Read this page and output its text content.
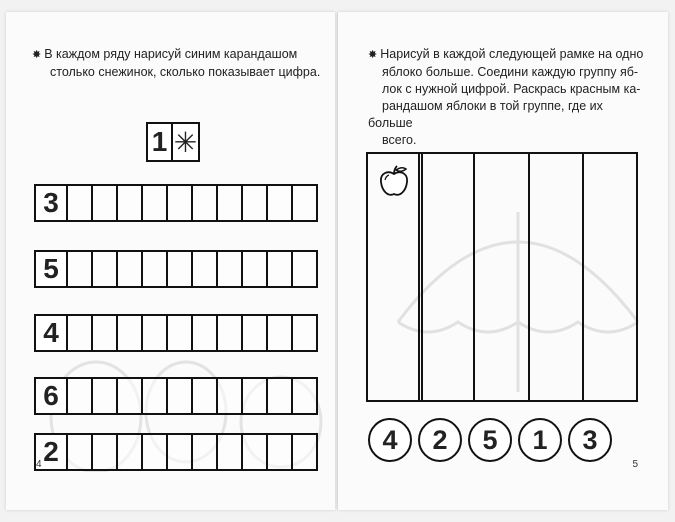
✸ В каждом ряду нарисуй синим карандашом
столько снежинок, сколько показывает цифра.

1 ✳
3
5
4
6
2
4

✸ Нарисуй в каждой следующей рамке на одно
яблоко больше. Соедини каждую группу яб-
лок с нужной цифрой. Раскрась красным ка-
рандашом яблоки в той группе, где их больше
всего.

4	2	5	1	3
5
